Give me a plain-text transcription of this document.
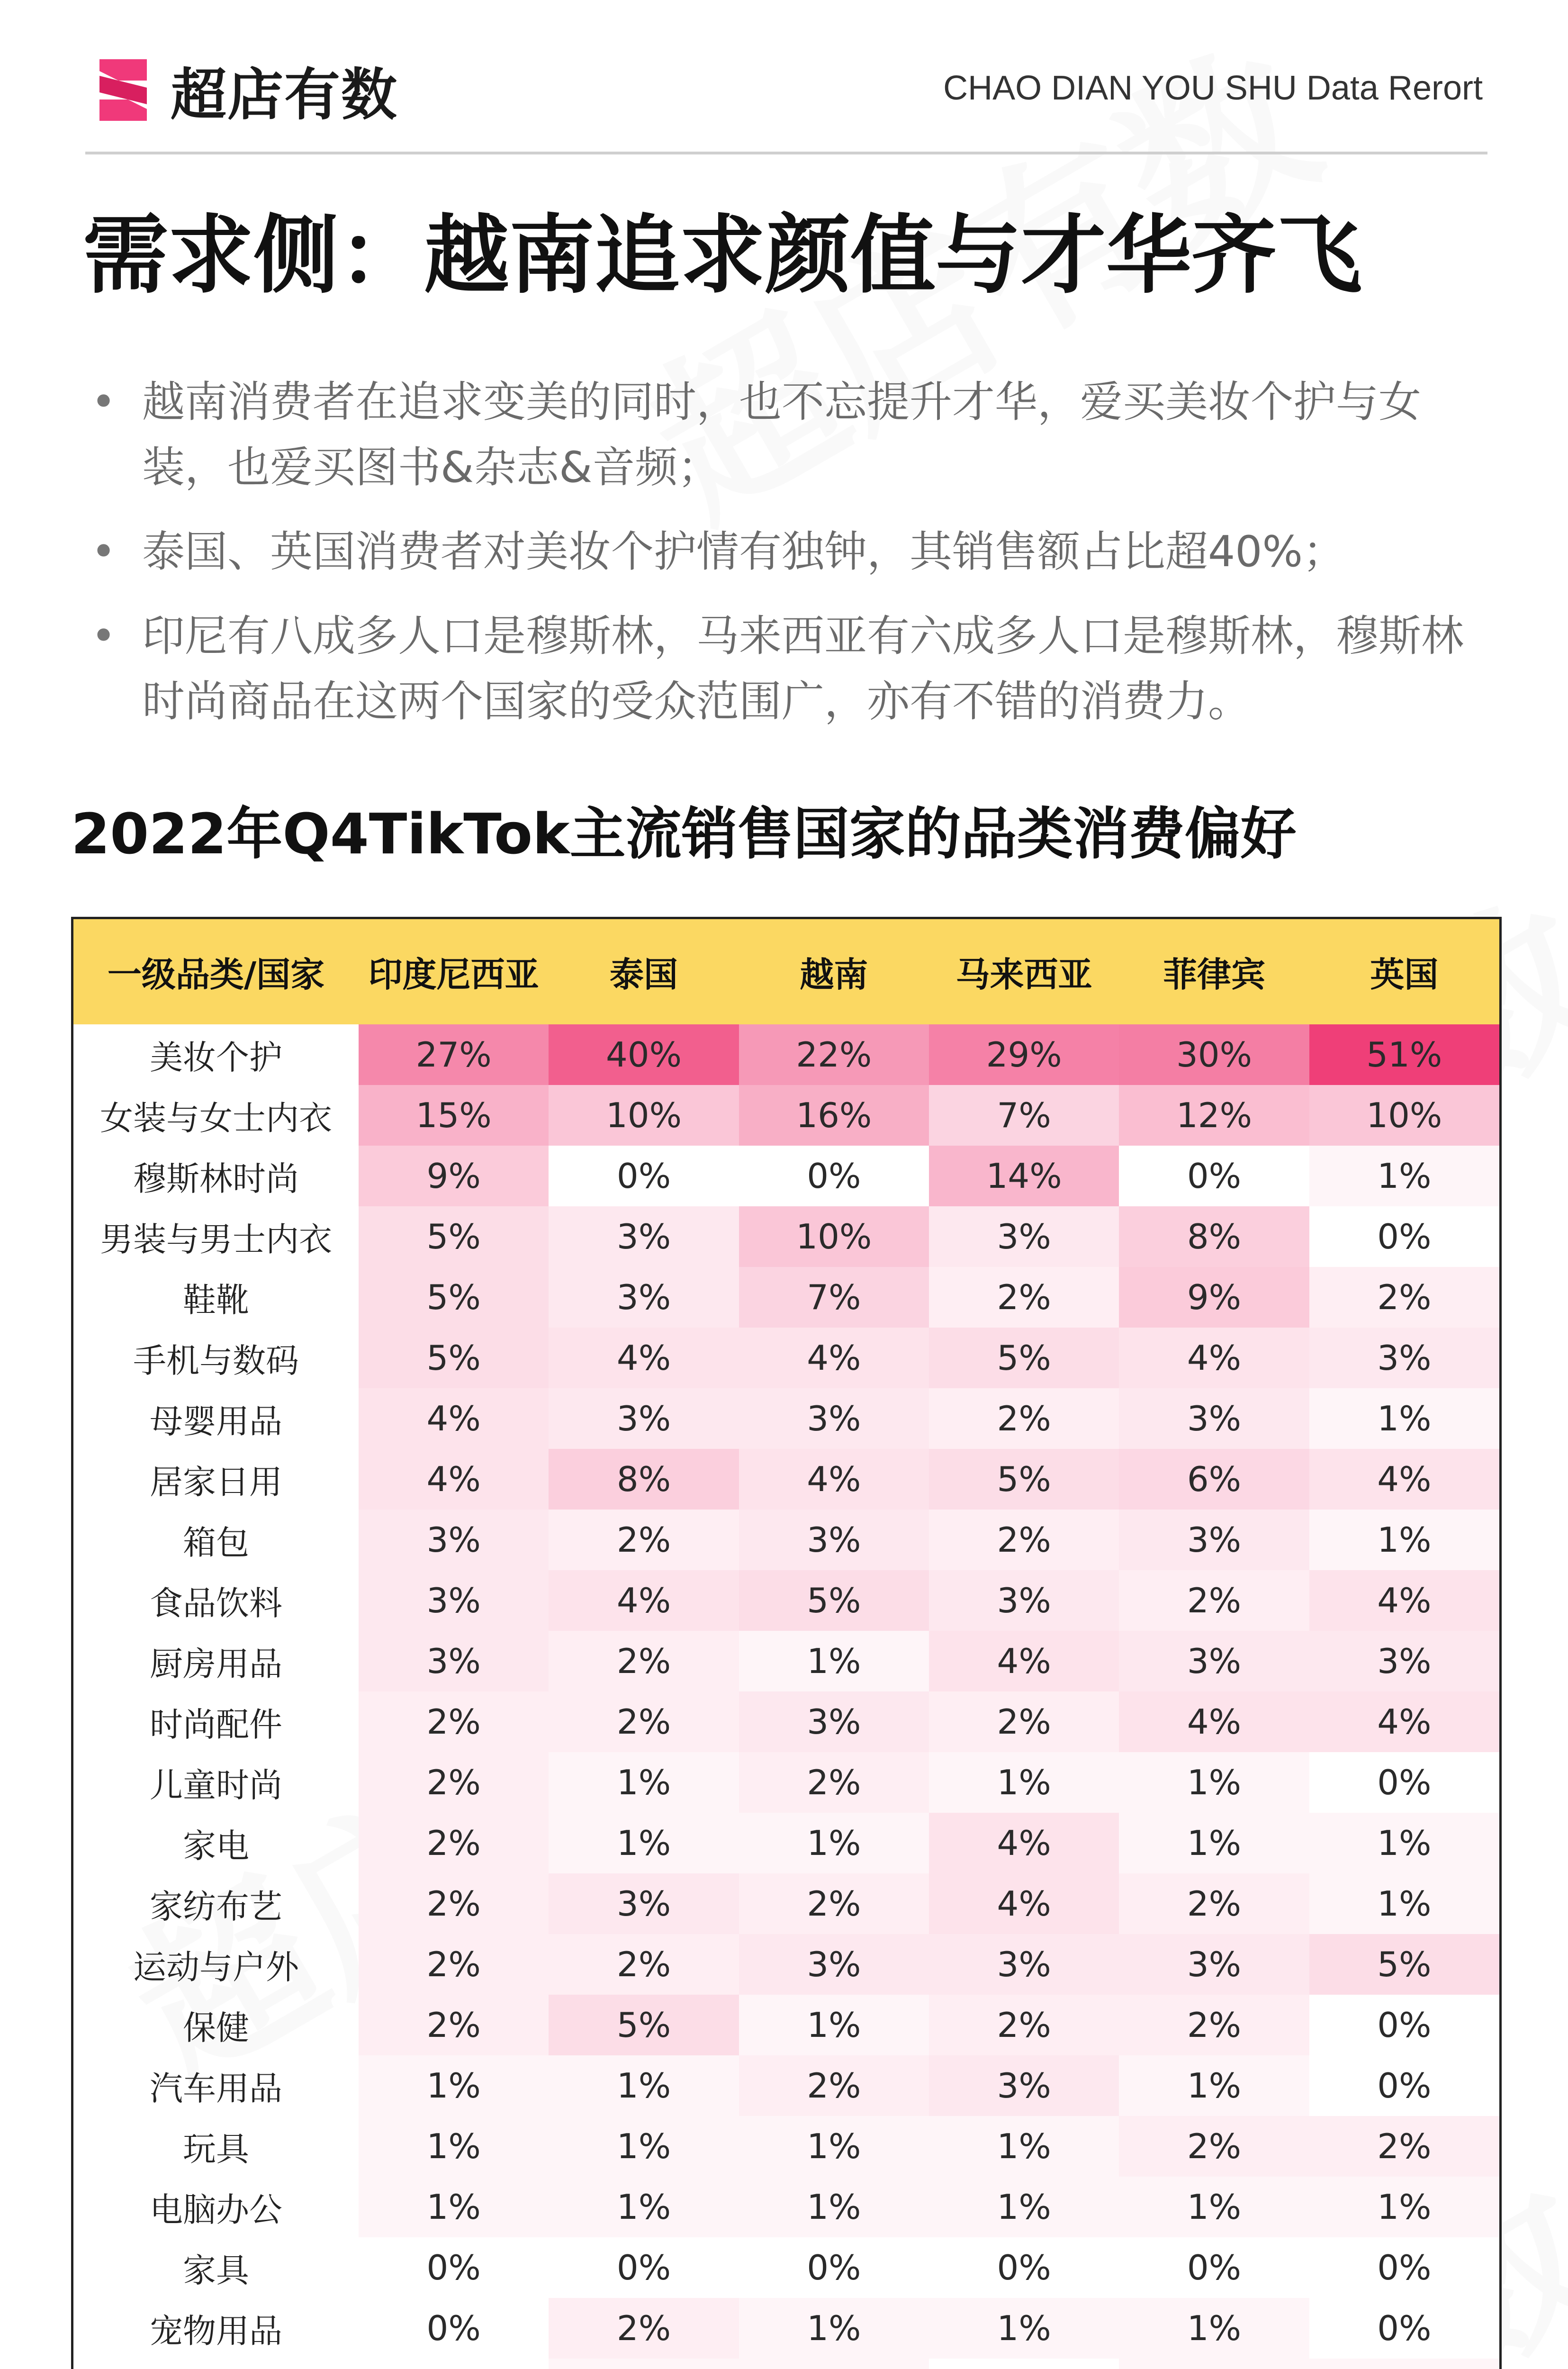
超店有数	CHAO DIAN YOU SHU Data Rerort
需求侧：越南追求颜值与才华齐飞
• 越南消费者在追求变美的同时，也不忘提升才华，爱买美妆个护与女装，也爱买图书&杂志&音频；
• 泰国、英国消费者对美妆个护情有独钟，其销售额占比超40%；
• 印尼有八成多人口是穆斯林，马来西亚有六成多人口是穆斯林，穆斯林时尚商品在这两个国家的受众范围广，亦有不错的消费力。
2022年Q4TikTok主流销售国家的品类消费偏好
一级品类/国家	印度尼西亚	泰国	越南	马来西亚	菲律宾	英国
美妆个护	27%	40%	22%	29%	30%	51%
女装与女士内衣	15%	10%	16%	7%	12%	10%
穆斯林时尚	9%	0%	0%	14%	0%	1%
男装与男士内衣	5%	3%	10%	3%	8%	0%
鞋靴	5%	3%	7%	2%	9%	2%
手机与数码	5%	4%	4%	5%	4%	3%
母婴用品	4%	3%	3%	2%	3%	1%
居家日用	4%	8%	4%	5%	6%	4%
箱包	3%	2%	3%	2%	3%	1%
食品饮料	3%	4%	5%	3%	2%	4%
厨房用品	3%	2%	1%	4%	3%	3%
时尚配件	2%	2%	3%	2%	4%	4%
儿童时尚	2%	1%	2%	1%	1%	0%
家电	2%	1%	1%	4%	1%	1%
家纺布艺	2%	3%	2%	4%	2%	1%
运动与户外	2%	2%	3%	3%	3%	5%
保健	2%	5%	1%	2%	2%	0%
汽车用品	1%	1%	2%	3%	1%	0%
玩具	1%	1%	1%	1%	2%	2%
电脑办公	1%	1%	1%	1%	1%	1%
家具	0%	0%	0%	0%	0%	0%
宠物用品	0%	2%	1%	1%	1%	0%
